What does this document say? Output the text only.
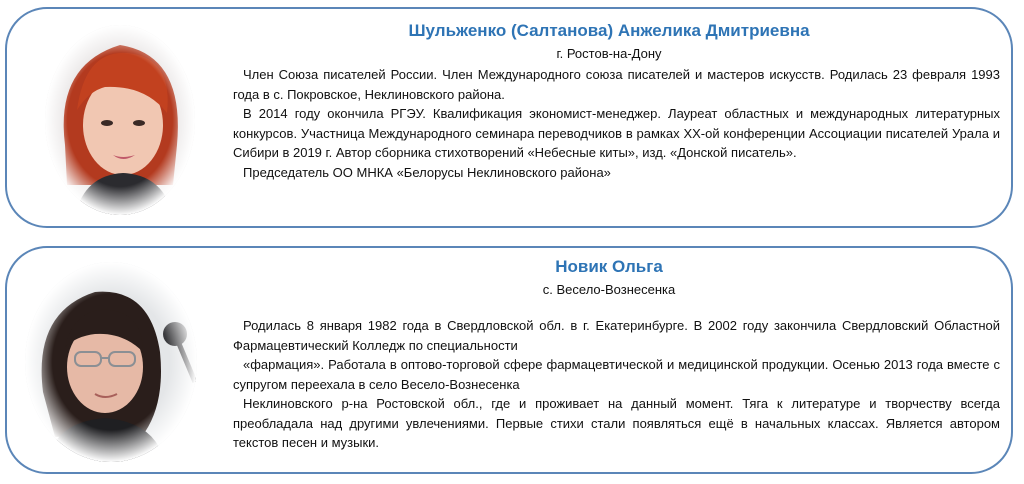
Шульженко (Салтанова) Анжелика Дмитриевна
г. Ростов-на-Дону

Член Союза писателей России. Член Международного союза писателей и мастеров искусств. Родилась 23 февраля 1993 года в с. Покровское, Неклиновского района.

В 2014 году окончила РГЭУ. Квалификация экономист-менеджер. Лауреат областных и международных литературных конкурсов. Участница Международного семинара переводчиков в рамках XX-ой конференции Ассоциации писателей Урала и Сибири в 2019 г. Автор сборника стихотворений «Небесные киты», изд. «Донской писатель».

Председатель ОО МНКА «Белорусы Неклиновского района»

Новик Ольга
с. Весело-Вознесенка

Родилась 8 января 1982 года в Свердловской обл. в г. Екатеринбурге. В 2002 году закончила Свердловский Областной Фармацевтический Колледж по специальности

«фармация». Работала в оптово-торговой сфере фармацевтической и медицинской продукции. Осенью 2013 года вместе с супругом переехала в село Весело-Вознесенка

Неклиновского р-на Ростовской обл., где и проживает на данный момент. Тяга к литературе и творчеству всегда преобладала над другими увлечениями. Первые стихи стали появляться ещё в начальных классах. Является автором текстов песен и музыки.
